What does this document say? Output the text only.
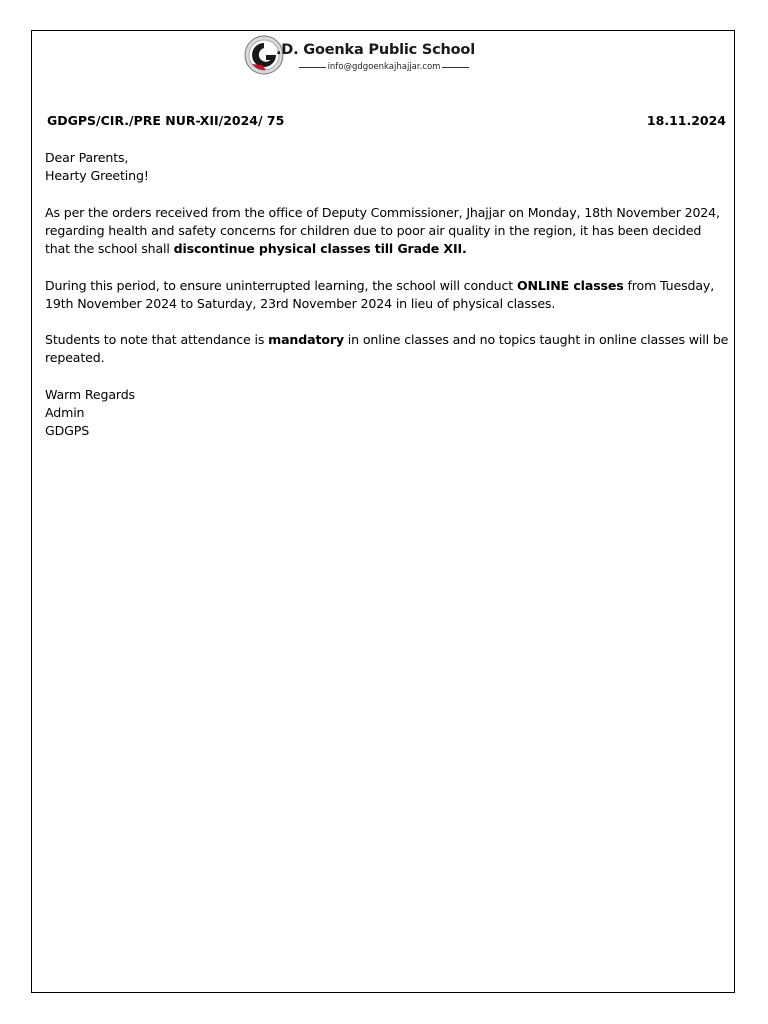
.D. Goenka Public School
info@gdgoenkajhajjar.com
GDGPS/CIR./PRE NUR-XII/2024/ 75	18.11.2024
Dear Parents,
Hearty Greeting!
As per the orders received from the office of Deputy Commissioner, Jhajjar on Monday, 18th November 2024,
regarding health and safety concerns for children due to poor air quality in the region, it has been decided
that the school shall discontinue physical classes till Grade XII.
During this period, to ensure uninterrupted learning, the school will conduct ONLINE classes from Tuesday,
19th November 2024 to Saturday, 23rd November 2024 in lieu of physical classes.
Students to note that attendance is mandatory in online classes and no topics taught in online classes will be
repeated.
Warm Regards
Admin
GDGPS
